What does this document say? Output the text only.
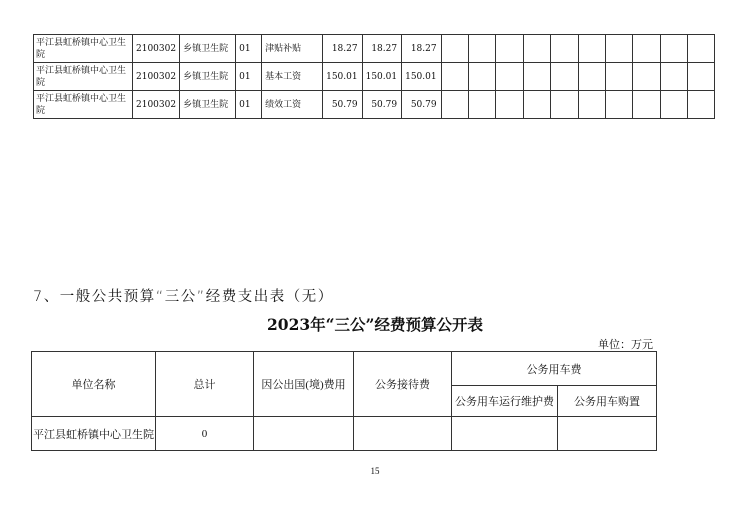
平江县虹桥镇中心卫生院	2100302	乡镇卫生院	01	津贴补贴	18.27	18.27	18.27										
平江县虹桥镇中心卫生院	2100302	乡镇卫生院	01	基本工资	150.01	150.01	150.01										
平江县虹桥镇中心卫生院	2100302	乡镇卫生院	01	绩效工资	50.79	50.79	50.79										
7、一般公共预算“三公”经费支出表（无）
2023年“三公”经费预算公开表
单位：万元
单位名称	总计	因公出国(境)费用	公务接待费	公务用车费	
				公务用车运行维护费	公务用车购置
平江县虹桥镇中心卫生院	0				
15
